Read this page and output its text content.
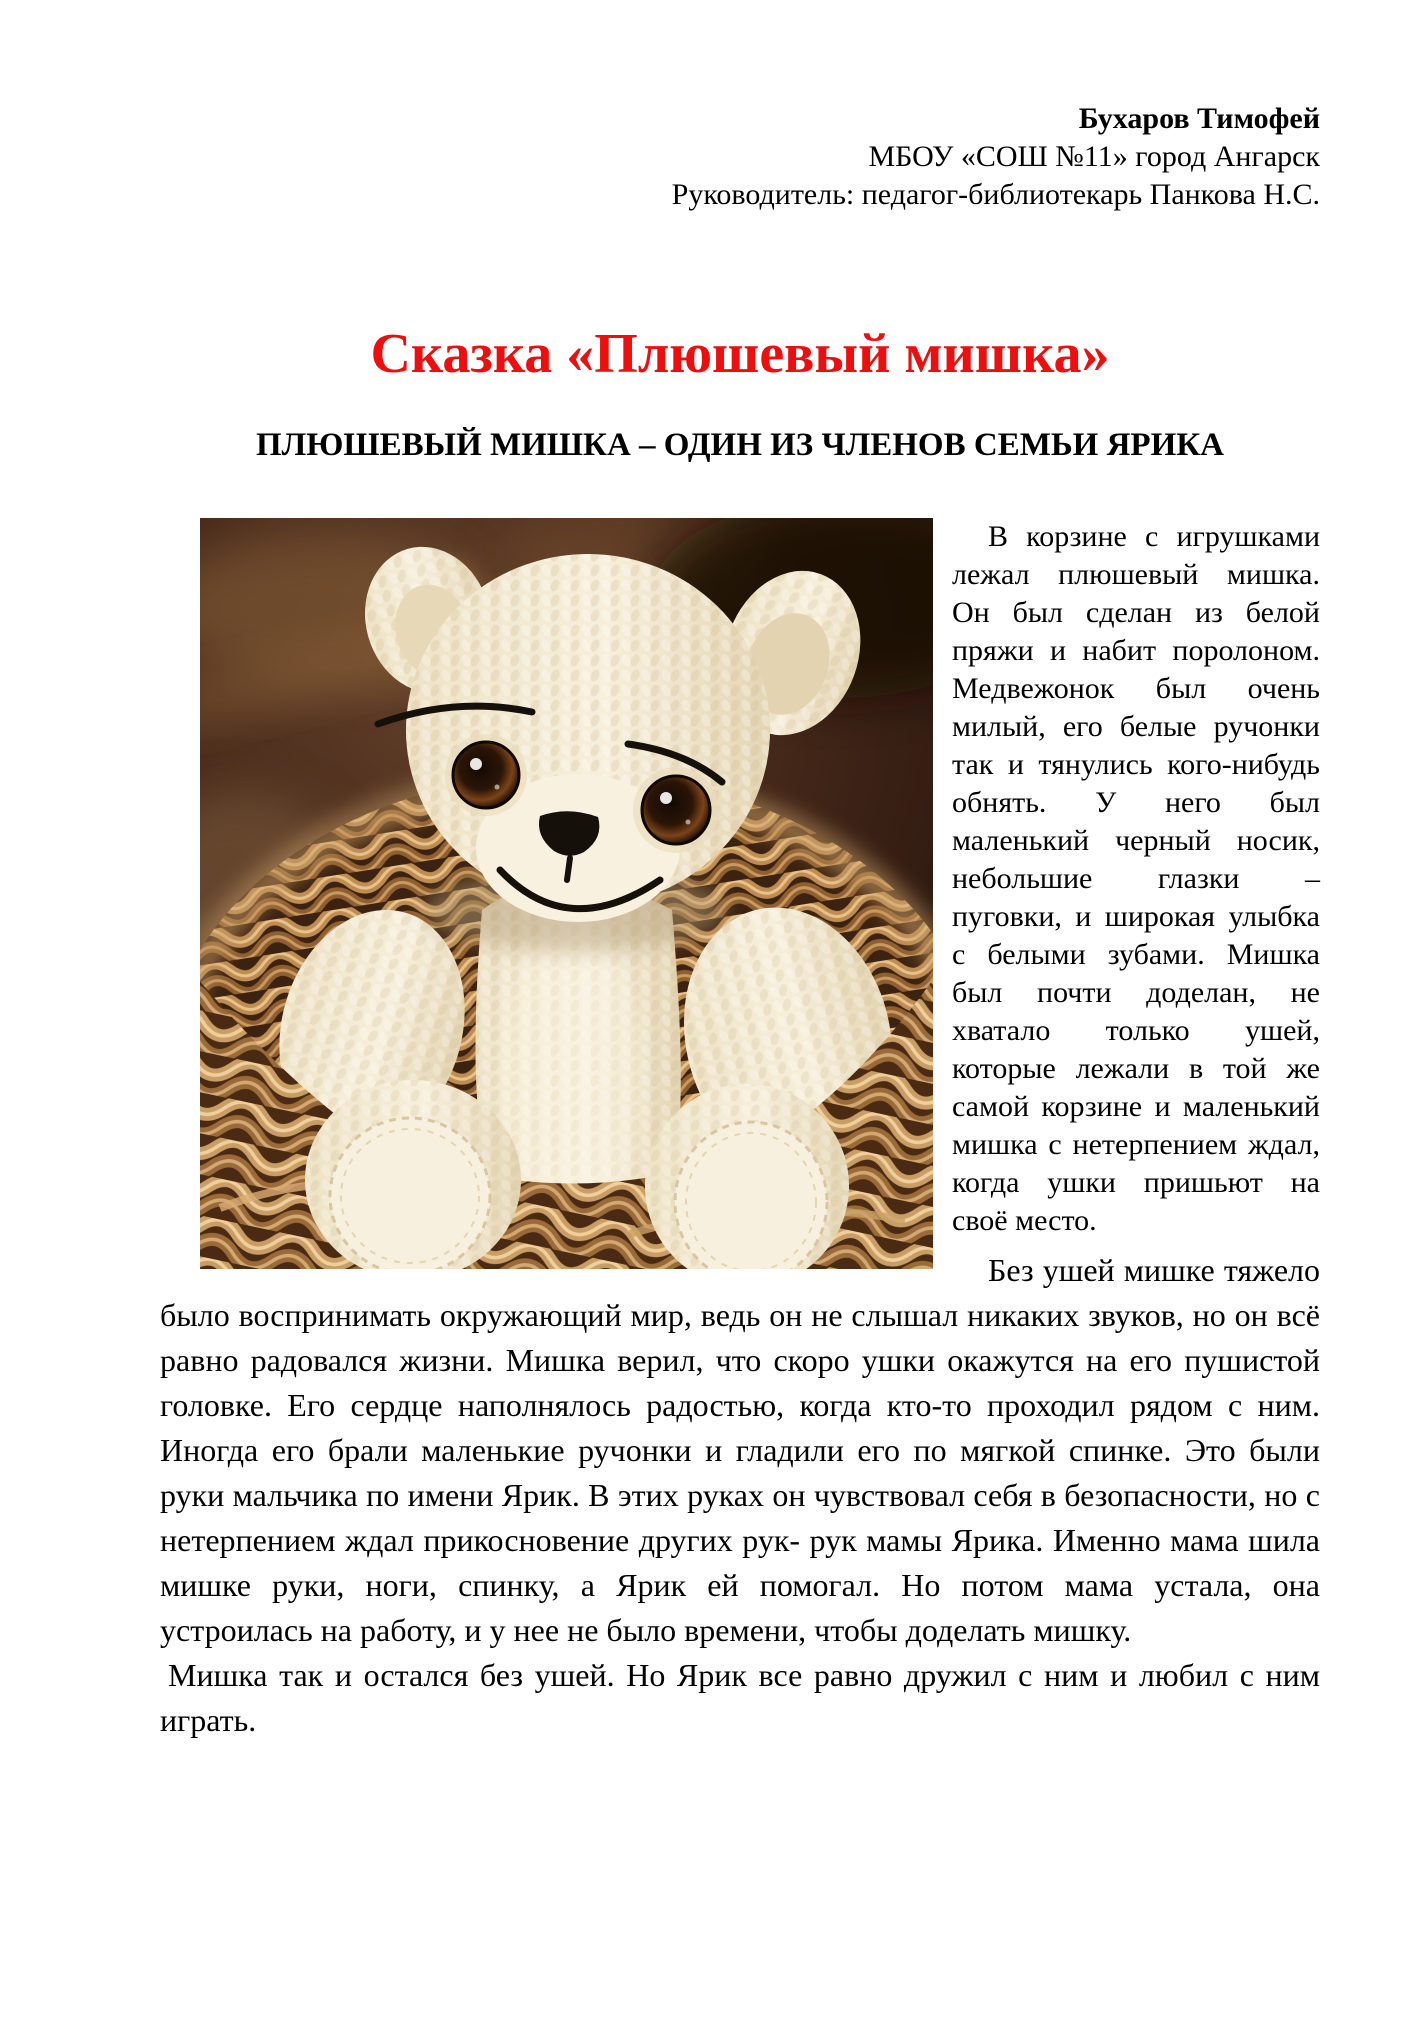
Бухаров Тимофей
МБОУ «СОШ №11» город Ангарск
Руководитель: педагог-библиотекарь Панкова Н.С.
Сказка «Плюшевый мишка»
ПЛЮШЕВЫЙ МИШКА – ОДИН ИЗ ЧЛЕНОВ СЕМЬИ ЯРИКА

В корзине с игрушками лежал плюшевый мишка. Он был сделан из белой пряжи и набит поролоном. Медвежонок был очень милый, его белые ручонки так и тянулись кого-нибудь обнять. У него был маленький черный носик, небольшие глазки – пуговки, и широкая улыбка с белыми зубами. Мишка был почти доделан, не хватало только ушей, которые лежали в той же самой корзине и маленький мишка с нетерпением ждал, когда ушки пришьют на своё место.

Без ушей мишке тяжело было воспринимать окружающий мир, ведь он не слышал никаких звуков, но он всё равно радовался жизни. Мишка верил, что скоро ушки окажутся на его пушистой головке. Его сердце наполнялось радостью, когда кто-то проходил рядом с ним. Иногда его брали маленькие ручонки и гладили его по мягкой спинке. Это были руки мальчика по имени Ярик. В этих руках он чувствовал себя в безопасности, но с нетерпением ждал прикосновение других рук- рук мамы Ярика. Именно мама шила мишке руки, ноги, спинку, а Ярик ей помогал. Но потом мама устала, она устроилась на работу, и у нее не было времени, чтобы доделать мишку.

Мишка так и остался без ушей. Но Ярик все равно дружил с ним и любил с ним играть.
